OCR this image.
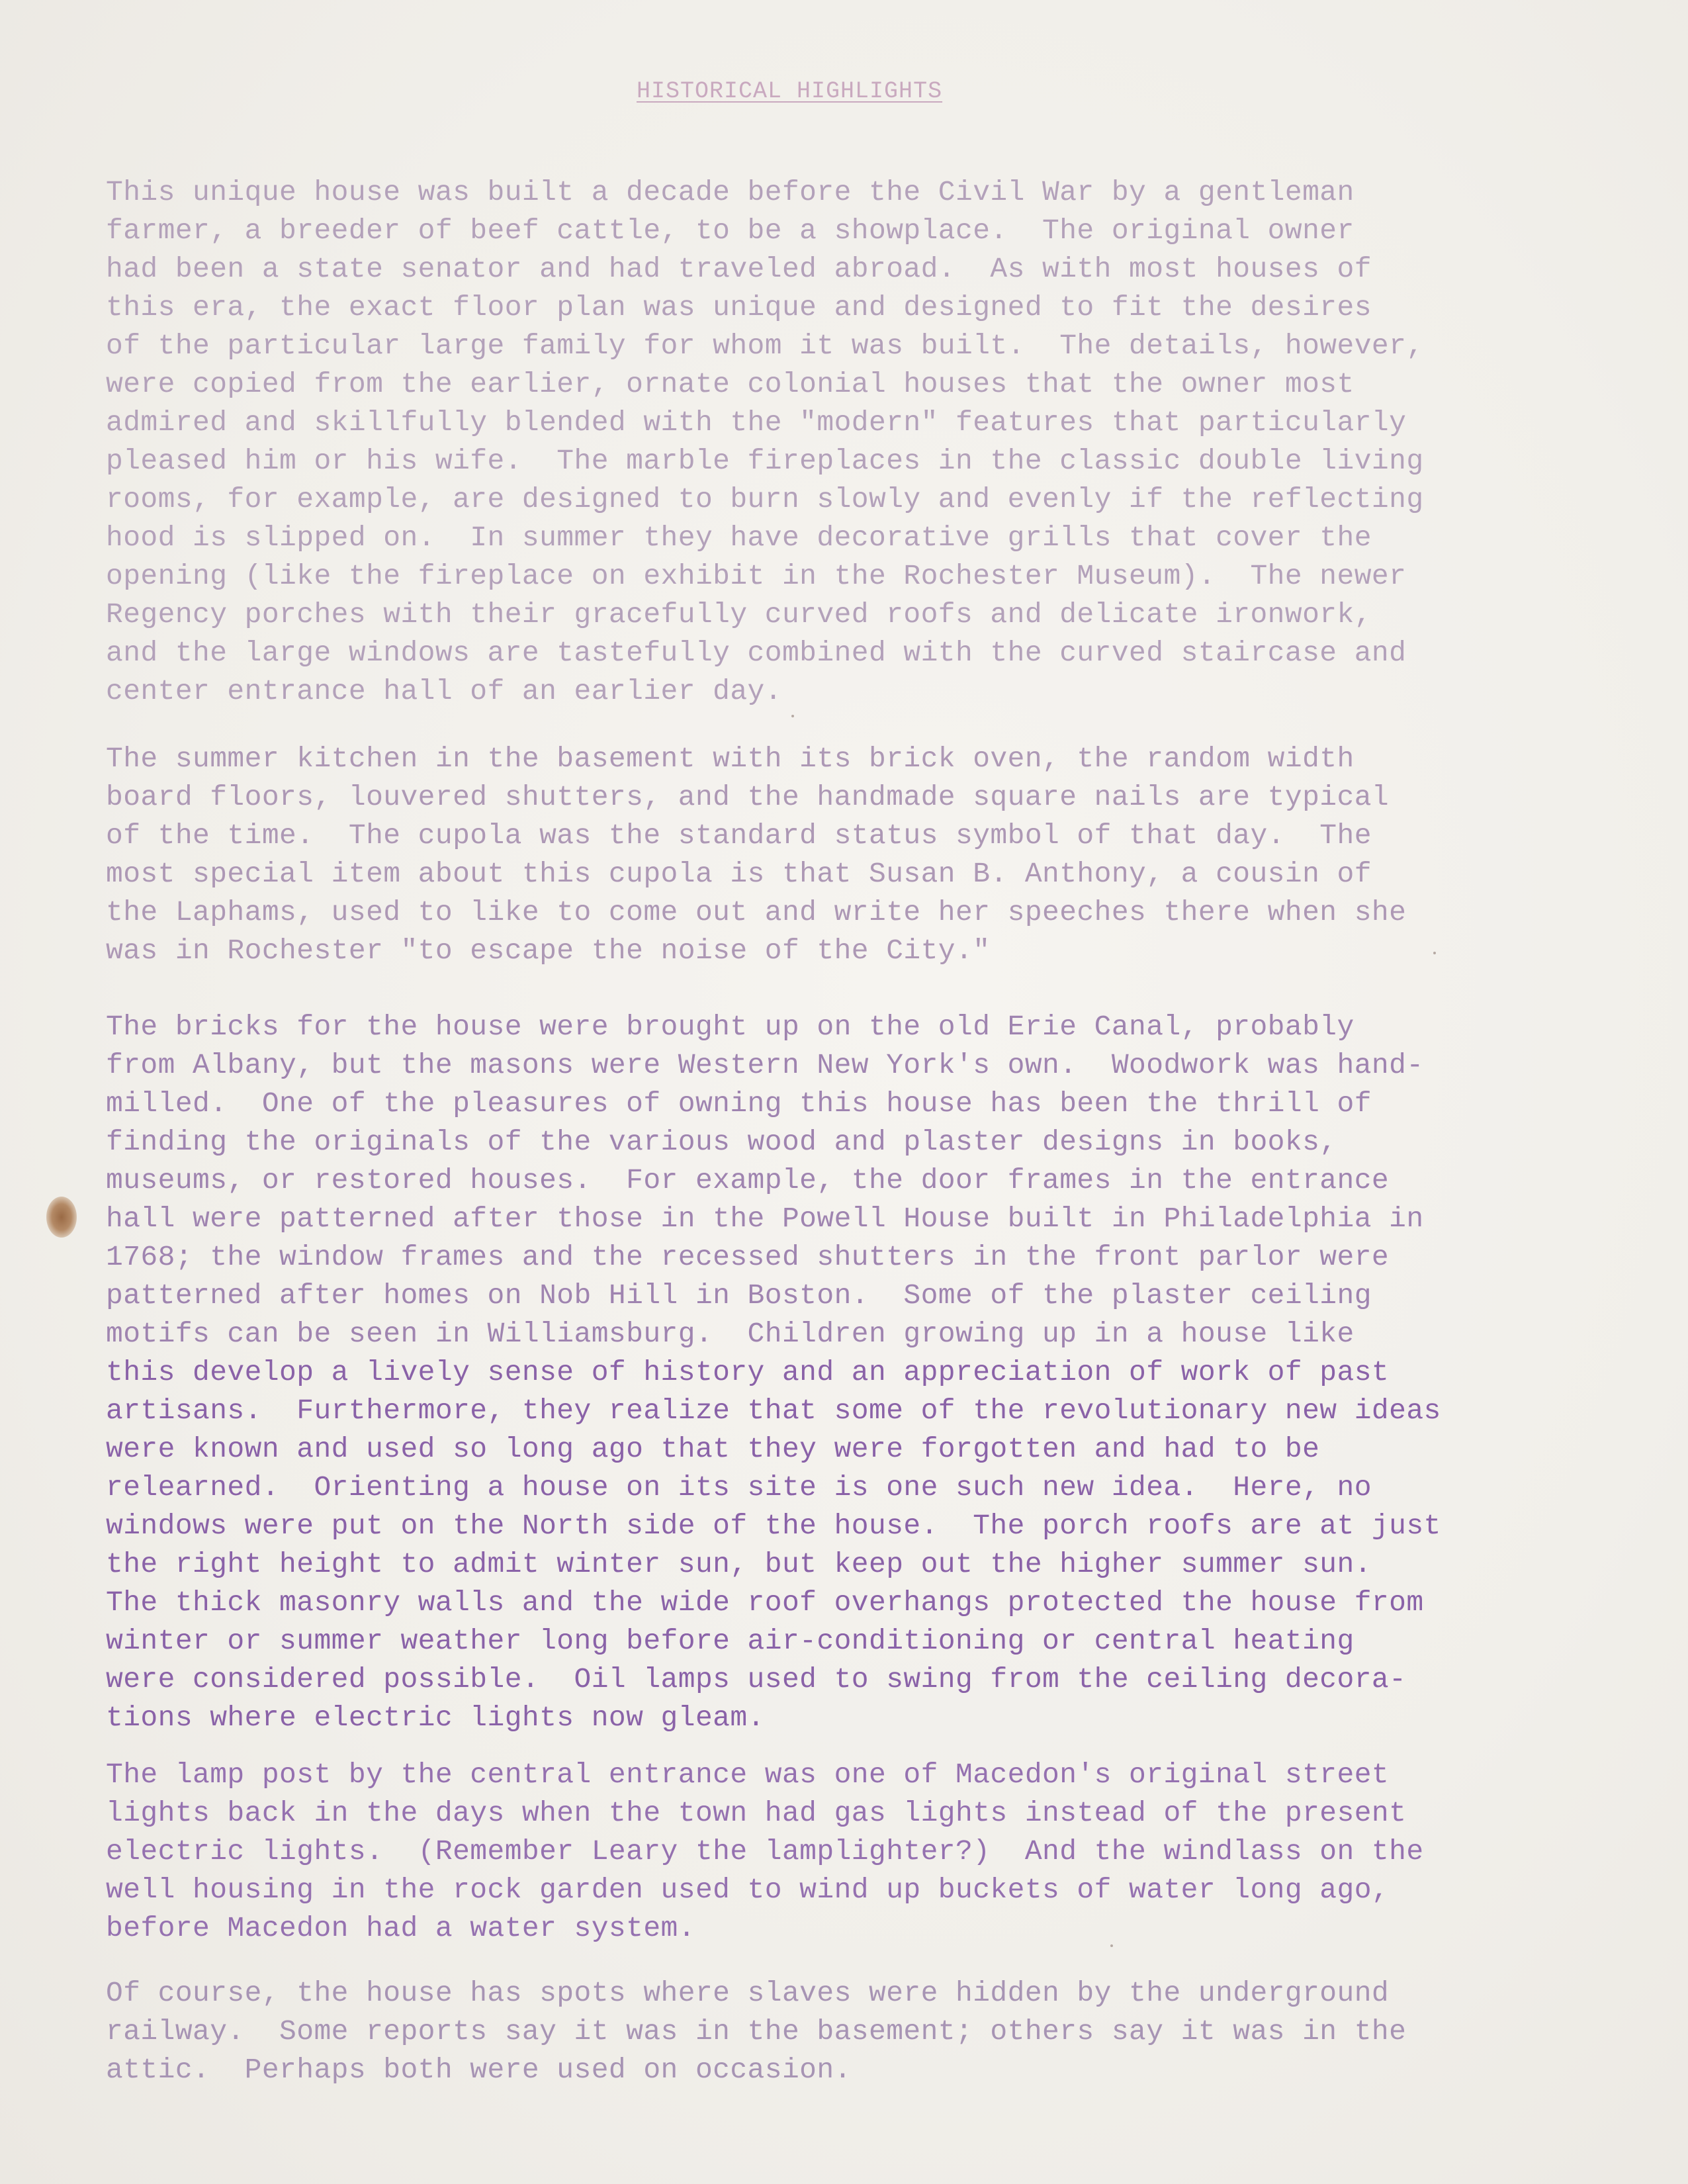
HISTORICAL HIGHLIGHTS
This unique house was built a decade before the Civil War by a gentleman
farmer, a breeder of beef cattle, to be a showplace.  The original owner
had been a state senator and had traveled abroad.  As with most houses of
this era, the exact floor plan was unique and designed to fit the desires
of the particular large family for whom it was built.  The details, however,
were copied from the earlier, ornate colonial houses that the owner most
admired and skillfully blended with the "modern" features that particularly
pleased him or his wife.  The marble fireplaces in the classic double living
rooms, for example, are designed to burn slowly and evenly if the reflecting
hood is slipped on.  In summer they have decorative grills that cover the
opening (like the fireplace on exhibit in the Rochester Museum).  The newer
Regency porches with their gracefully curved roofs and delicate ironwork,
and the large windows are tastefully combined with the curved staircase and
center entrance hall of an earlier day.
The summer kitchen in the basement with its brick oven, the random width
board floors, louvered shutters, and the handmade square nails are typical
of the time.  The cupola was the standard status symbol of that day.  The
most special item about this cupola is that Susan B. Anthony, a cousin of
the Laphams, used to like to come out and write her speeches there when she
was in Rochester "to escape the noise of the City."
The bricks for the house were brought up on the old Erie Canal, probably
from Albany, but the masons were Western New York's own.  Woodwork was hand-
milled.  One of the pleasures of owning this house has been the thrill of
finding the originals of the various wood and plaster designs in books,
museums, or restored houses.  For example, the door frames in the entrance
hall were patterned after those in the Powell House built in Philadelphia in
1768; the window frames and the recessed shutters in the front parlor were
patterned after homes on Nob Hill in Boston.  Some of the plaster ceiling
motifs can be seen in Williamsburg.  Children growing up in a house like
this develop a lively sense of history and an appreciation of work of past
artisans.  Furthermore, they realize that some of the revolutionary new ideas
were known and used so long ago that they were forgotten and had to be
relearned.  Orienting a house on its site is one such new idea.  Here, no
windows were put on the North side of the house.  The porch roofs are at just
the right height to admit winter sun, but keep out the higher summer sun.
The thick masonry walls and the wide roof overhangs protected the house from
winter or summer weather long before air-conditioning or central heating
were considered possible.  Oil lamps used to swing from the ceiling decora-
tions where electric lights now gleam.
The lamp post by the central entrance was one of Macedon's original street
lights back in the days when the town had gas lights instead of the present
electric lights.  (Remember Leary the lamplighter?)  And the windlass on the
well housing in the rock garden used to wind up buckets of water long ago,
before Macedon had a water system.
Of course, the house has spots where slaves were hidden by the underground
railway.  Some reports say it was in the basement; others say it was in the
attic.  Perhaps both were used on occasion.
